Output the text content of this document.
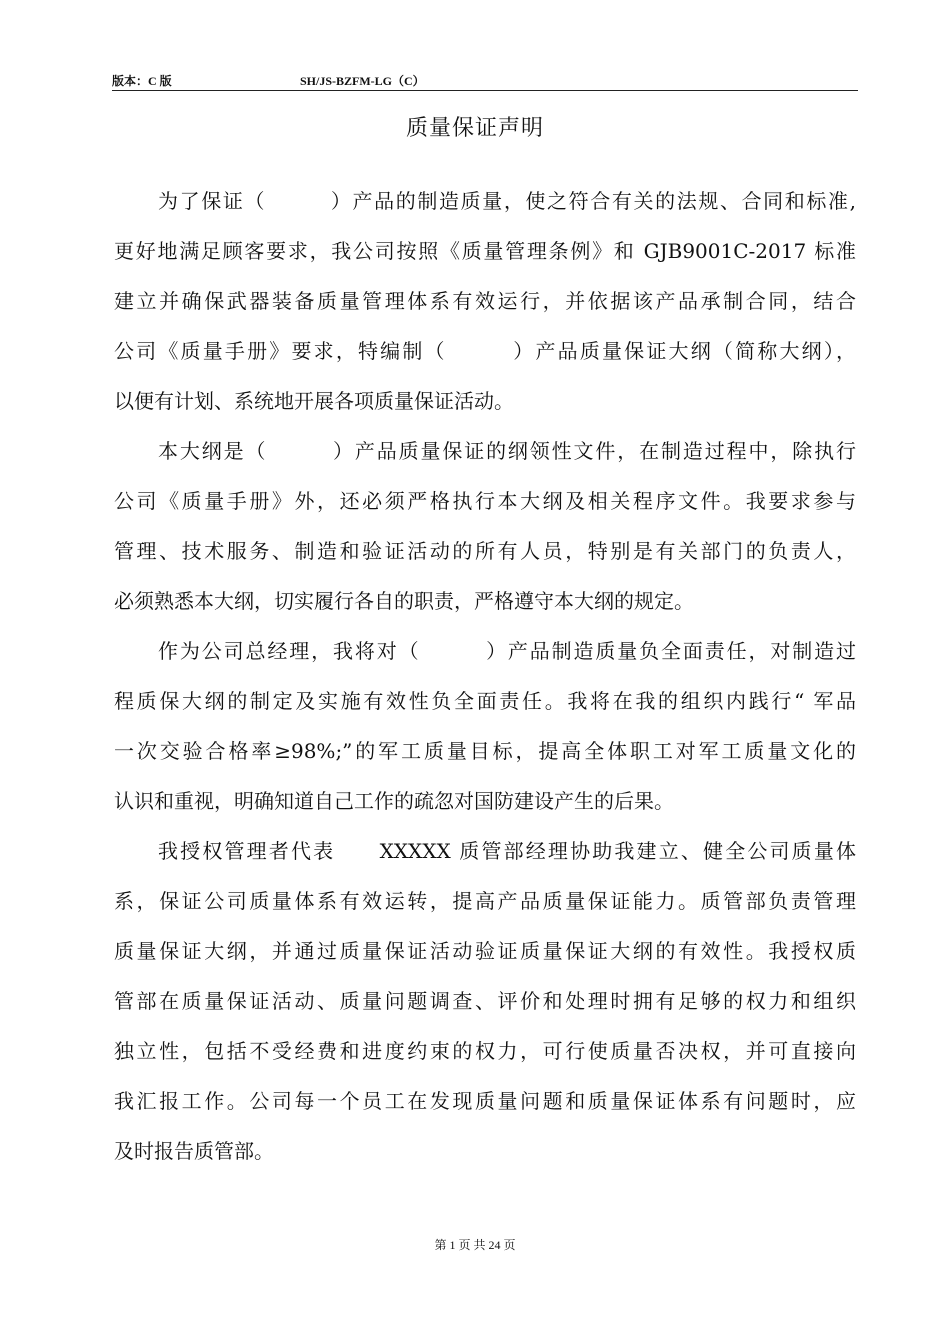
版本：C 版	SH/JS-BZFM-LG（C）
质量保证声明
为了保证（　　　）产品的制造质量，使之符合有关的法规、合同和标准,
更好地满足顾客要求，我公司按照《质量管理条例》和 GJB9001C-2017 标准
建立并确保武器装备质量管理体系有效运行，并依据该产品承制合同，结合
公司《质量手册》要求，特编制（　　　）产品质量保证大纲（简称大纲），
以便有计划、系统地开展各项质量保证活动。
本大纲是（　　　）产品质量保证的纲领性文件，在制造过程中，除执行
公司《质量手册》外，还必须严格执行本大纲及相关程序文件。我要求参与
管理、技术服务、制造和验证活动的所有人员，特别是有关部门的负责人，
必须熟悉本大纲，切实履行各自的职责，严格遵守本大纲的规定。
作为公司总经理，我将对（　　　）产品制造质量负全面责任，对制造过
程质保大纲的制定及实施有效性负全面责任。我将在我的组织内践行“ 军品
一次交验合格率≥98%;”的军工质量目标，提高全体职工对军工质量文化的
认识和重视，明确知道自己工作的疏忽对国防建设产生的后果。
我授权管理者代表　　XXXXX 质管部经理协助我建立、健全公司质量体
系，保证公司质量体系有效运转，提高产品质量保证能力。质管部负责管理
质量保证大纲，并通过质量保证活动验证质量保证大纲的有效性。我授权质
管部在质量保证活动、质量问题调查、评价和处理时拥有足够的权力和组织
独立性，包括不受经费和进度约束的权力，可行使质量否决权，并可直接向
我汇报工作。公司每一个员工在发现质量问题和质量保证体系有问题时，应
及时报告质管部。
第 1 页 共 24 页
